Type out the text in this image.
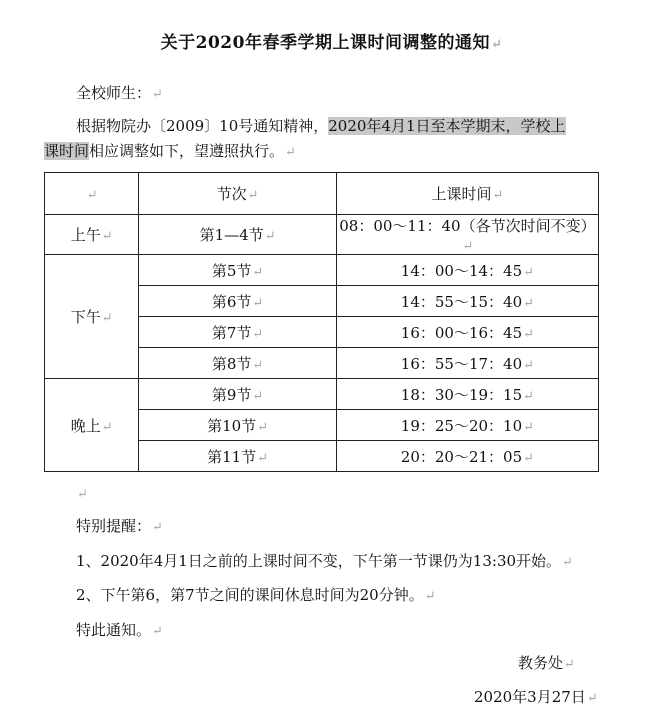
关于2020年春季学期上课时间调整的通知↵
全校师生：↵
根据物院办〔2009〕10号通知精神，2020年4月1日至本学期末，学校上
课时间相应调整如下，望遵照执行。↵
↵	节次↵	上课时间↵
上午↵	第1—4节↵	08：00～11：40（各节次时间不变）↵
下午↵	第5节↵	14：00～14：45↵
	第6节↵	14：55～15：40↵
	第7节↵	16：00～16：45↵
	第8节↵	16：55～17：40↵
晚上↵	第9节↵	18：30～19：15↵
	第10节↵	19：25～20：10↵
	第11节↵	20：20～21：05↵
↵
特别提醒：↵
1、2020年4月1日之前的上课时间不变，下午第一节课仍为13:30开始。↵
2、下午第6，第7节之间的课间休息时间为20分钟。↵
特此通知。↵
教务处↵
2020年3月27日↵
